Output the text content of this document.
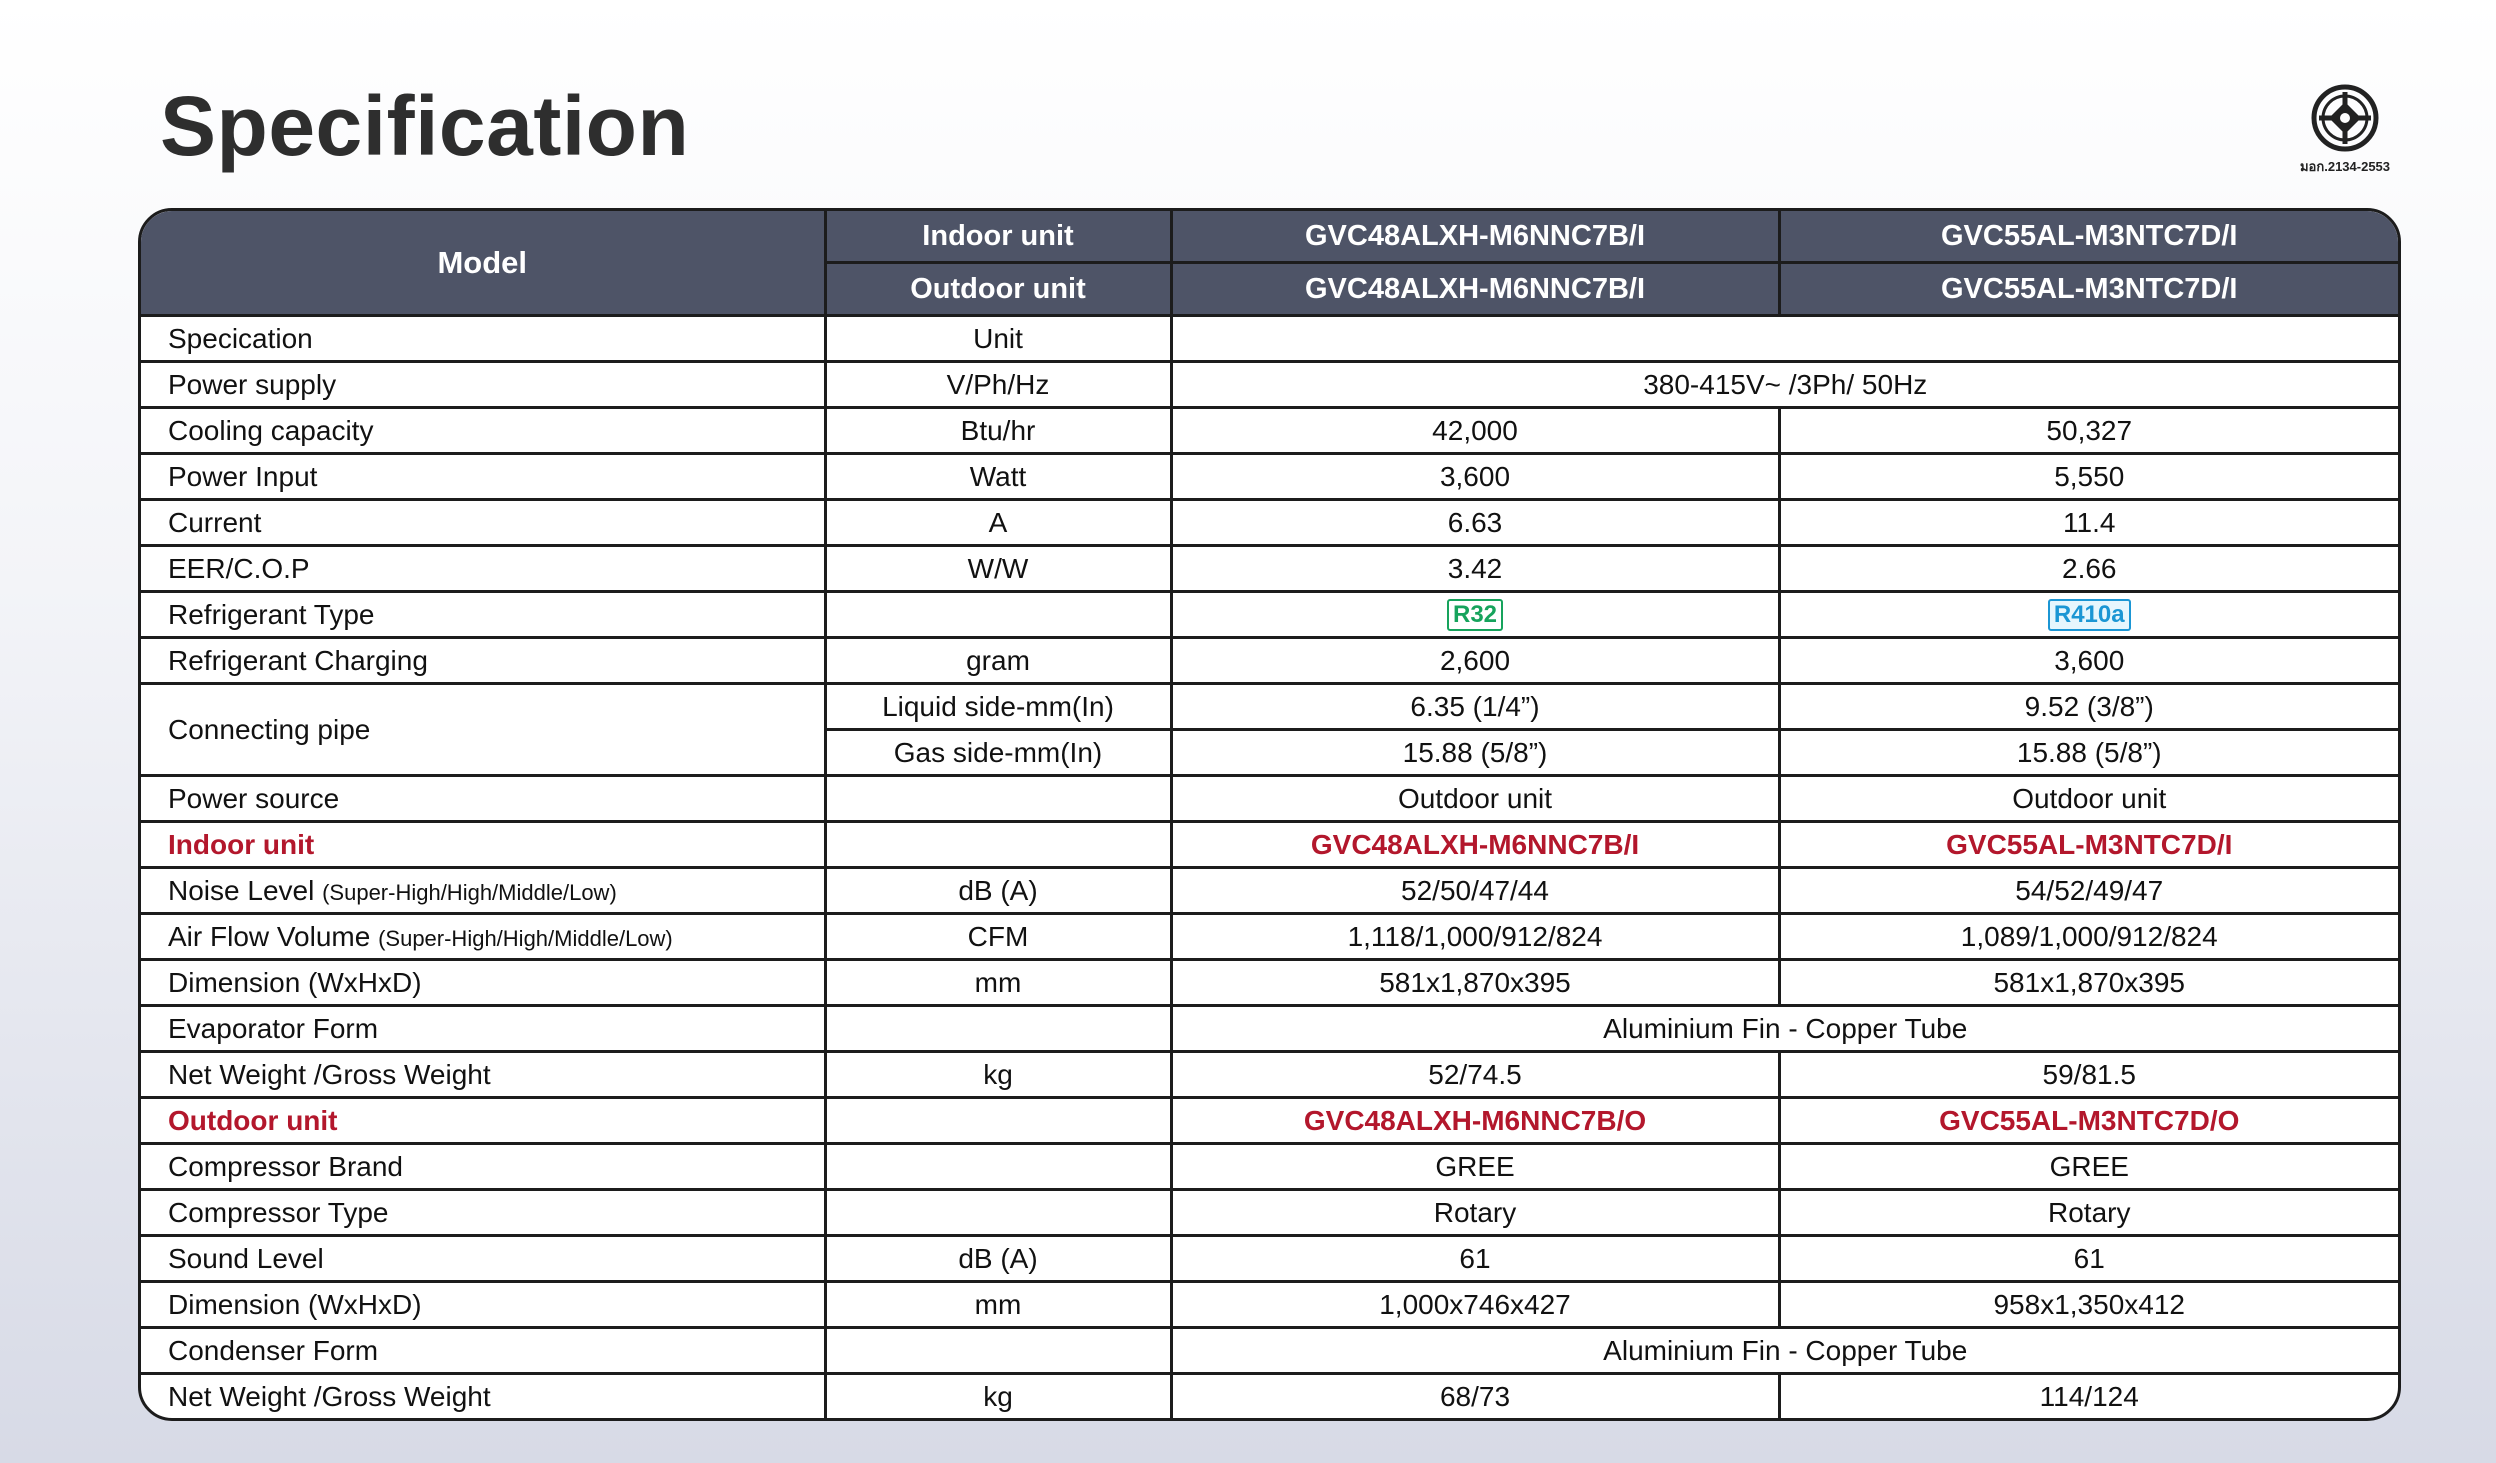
Specification	มอก.2134-2553
Model	Indoor unit	GVC48ALXH-M6NNC7B/I	GVC55AL-M3NTC7D/I
	Outdoor unit	GVC48ALXH-M6NNC7B/I	GVC55AL-M3NTC7D/I
Specication	Unit		
Power supply	V/Ph/Hz	380-415V~ /3Ph/ 50Hz	
Cooling capacity	Btu/hr	42,000	50,327
Power Input	Watt	3,600	5,550
Current	A	6.63	11.4
EER/C.O.P	W/W	3.42	2.66
Refrigerant Type		R32	R410a
Refrigerant Charging	gram	2,600	3,600
Connecting pipe	Liquid side-mm(In)	6.35 (1/4”)	9.52 (3/8”)
	Gas side-mm(In)	15.88 (5/8”)	15.88 (5/8”)
Power source		Outdoor unit	Outdoor unit
Indoor unit		GVC48ALXH-M6NNC7B/I	GVC55AL-M3NTC7D/I
Noise Level (Super-High/High/Middle/Low)	dB (A)	52/50/47/44	54/52/49/47
Air Flow Volume (Super-High/High/Middle/Low)	CFM	1,118/1,000/912/824	1,089/1,000/912/824
Dimension (WxHxD)	mm	581x1,870x395	581x1,870x395
Evaporator Form		Aluminium Fin - Copper Tube	
Net Weight /Gross Weight	kg	52/74.5	59/81.5
Outdoor unit		GVC48ALXH-M6NNC7B/O	GVC55AL-M3NTC7D/O
Compressor Brand		GREE	GREE
Compressor Type		Rotary	Rotary
Sound Level	dB (A)	61	61
Dimension (WxHxD)	mm	1,000x746x427	958x1,350x412
Condenser Form		Aluminium Fin - Copper Tube	
Net Weight /Gross Weight	kg	68/73	114/124
